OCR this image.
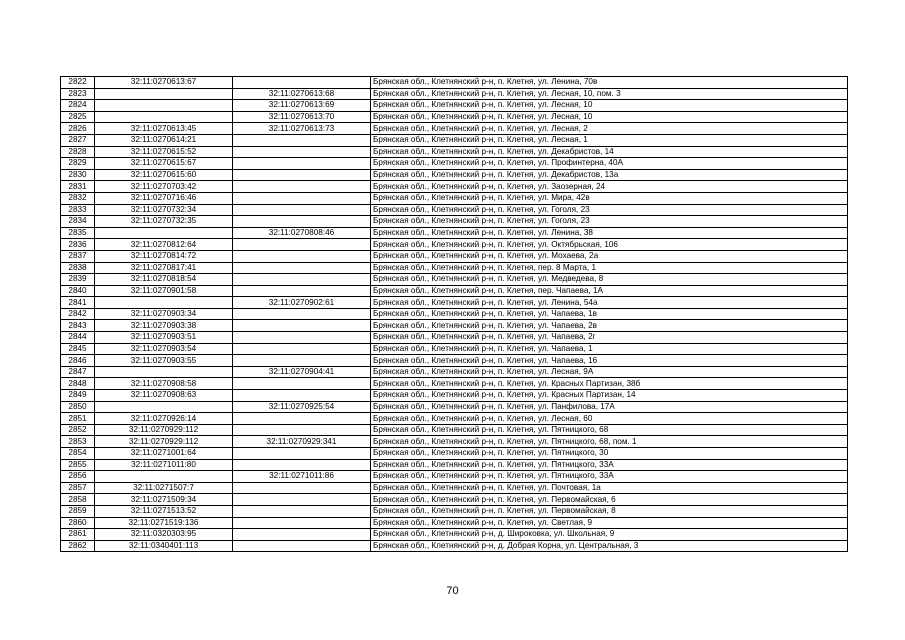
2822	32:11:0270613:67		Брянская обл., Клетнянский р-н, п. Клетня, ул. Ленина, 70в
2823		32:11:0270613:68	Брянская обл., Клетнянский р-н, п. Клетня, ул. Лесная, 10, пом. 3
2824		32:11:0270613:69	Брянская обл., Клетнянский р-н, п. Клетня, ул. Лесная, 10
2825		32:11:0270613:70	Брянская обл., Клетнянский р-н, п. Клетня, ул. Лесная, 10
2826	32:11:0270613:45	32:11:0270613:73	Брянская обл., Клетнянский р-н, п. Клетня, ул. Лесная, 2
2827	32:11:0270614:21		Брянская обл., Клетнянский р-н, п. Клетня, ул. Лесная, 1
2828	32:11:0270615:52		Брянская обл., Клетнянский р-н, п. Клетня, ул. Декабристов, 14
2829	32:11:0270615:67		Брянская обл., Клетнянский р-н, п. Клетня, ул. Профинтерна, 40А
2830	32:11:0270615:60		Брянская обл., Клетнянский р-н, п. Клетня, ул. Декабристов, 13а
2831	32:11:0270703:42		Брянская обл., Клетнянский р-н, п. Клетня, ул. Заозерная, 24
2832	32:11:0270716:46		Брянская обл., Клетнянский р-н, п. Клетня, ул. Мира, 42в
2833	32:11:0270732:34		Брянская обл., Клетнянский р-н, п. Клетня, ул. Гоголя, 23
2834	32:11:0270732:35		Брянская обл., Клетнянский р-н, п. Клетня, ул. Гоголя, 23
2835		32:11:0270808:46	Брянская обл., Клетнянский р-н, п. Клетня, ул. Ленина, 38
2836	32:11:0270812:64		Брянская обл., Клетнянский р-н, п. Клетня, ул. Октябрьская, 106
2837	32:11:0270814:72		Брянская обл., Клетнянский р-н, п. Клетня, ул. Мохаева, 2а
2838	32:11:0270817:41		Брянская обл., Клетнянский р-н, п. Клетня, пер. 8 Марта, 1
2839	32:11:0270818:54		Брянская обл., Клетнянский р-н, п. Клетня, ул. Медведева, 8
2840	32:11:0270901:58		Брянская обл., Клетнянский р-н, п. Клетня, пер. Чапаева, 1А
2841		32:11:0270902:61	Брянская обл., Клетнянский р-н, п. Клетня, ул. Ленина, 54а
2842	32:11:0270903:34		Брянская обл., Клетнянский р-н, п. Клетня, ул. Чапаева, 1в
2843	32:11:0270903:38		Брянская обл., Клетнянский р-н, п. Клетня, ул. Чапаева, 2в
2844	32:11:0270903:51		Брянская обл., Клетнянский р-н, п. Клетня, ул. Чапаева, 2г
2845	32:11:0270903:54		Брянская обл., Клетнянский р-н, п. Клетня, ул. Чапаева, 1
2846	32:11:0270903:55		Брянская обл., Клетнянский р-н, п. Клетня, ул. Чапаева, 16
2847		32:11:0270904:41	Брянская обл., Клетнянский р-н, п. Клетня, ул. Лесная, 9А
2848	32:11:0270908:58		Брянская обл., Клетнянский р-н, п. Клетня, ул. Красных Партизан, 38б
2849	32:11:0270908:63		Брянская обл., Клетнянский р-н, п. Клетня, ул. Красных Партизан, 14
2850		32:11:0270925:54	Брянская обл., Клетнянский р-н, п. Клетня, ул. Панфилова, 17А
2851	32:11:0270926:14		Брянская обл., Клетнянский р-н, п. Клетня, ул. Лесная, 60
2852	32:11:0270929:112		Брянская обл., Клетнянский р-н, п. Клетня, ул. Пятницкого, 68
2853	32:11:0270929:112	32:11:0270929:341	Брянская обл., Клетнянский р-н, п. Клетня, ул. Пятницкого, 68, пом. 1
2854	32:11:0271001:64		Брянская обл., Клетнянский р-н, п. Клетня, ул. Пятницкого, 30
2855	32:11:0271011:80		Брянская обл., Клетнянский р-н, п. Клетня, ул. Пятницкого, 33А
2856		32:11:0271011:86	Брянская обл., Клетнянский р-н, п. Клетня, ул. Пятницкого, 33А
2857	32:11:0271507:7		Брянская обл., Клетнянский р-н, п. Клетня, ул. Почтовая, 1а
2858	32:11:0271509:34		Брянская обл., Клетнянский р-н, п. Клетня, ул. Первомайская, 6
2859	32:11:0271513:52		Брянская обл., Клетнянский р-н, п. Клетня, ул. Первомайская, 8
2860	32:11:0271519:136		Брянская обл., Клетнянский р-н, п. Клетня, ул. Светлая, 9
2861	32:11:0320303:95		Брянская обл., Клетнянский р-н, д. Широковка, ул. Школьная, 9
2862	32:11:0340401:113		Брянская обл., Клетнянский р-н, д. Добрая Корна, ул. Центральная, 3
70
